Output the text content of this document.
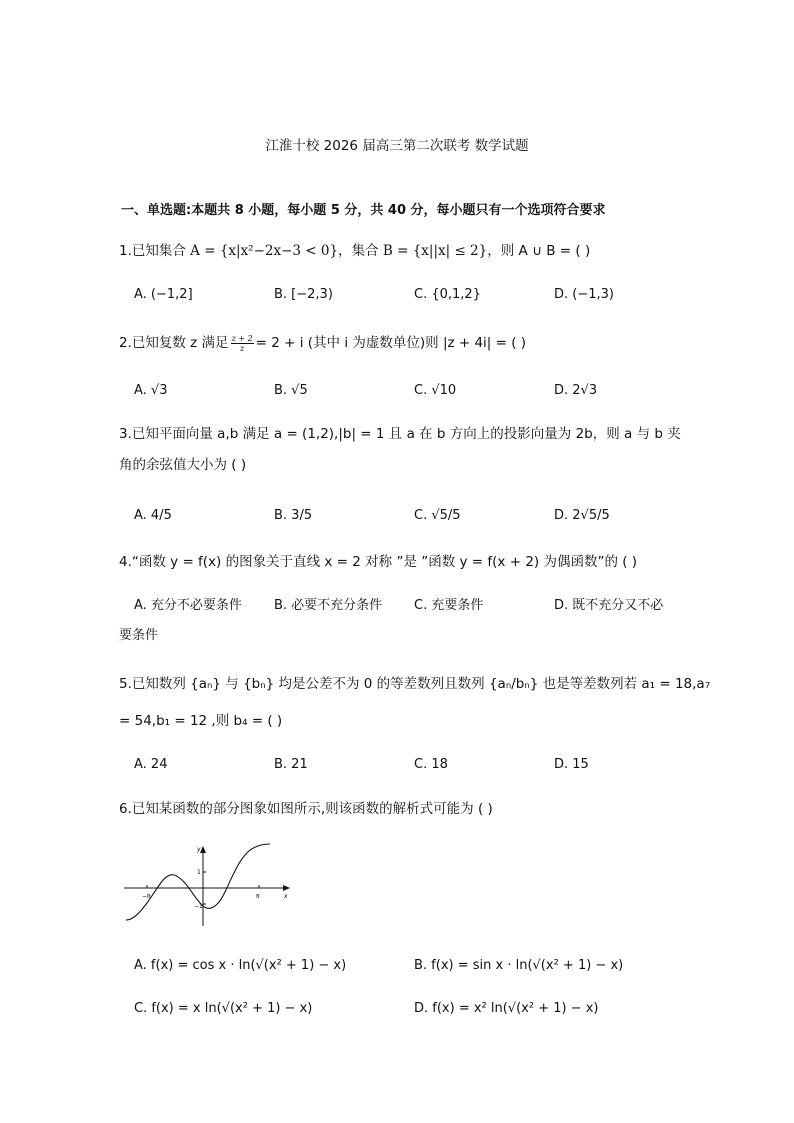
江淮十校 2026 届高三第二次联考 数学试题
一、单选题:本题共 8 小题，每小题 5 分，共 40 分，每小题只有一个选项符合要求
1.已知集合 A = {x|x²−2x−3 < 0}，集合 B = {x||x| ≤ 2}，则 A ∪ B = ( )
A. (−1,2]	B. [−2,3)	C. {0,1,2}	D. (−1,3)
2.已知复数 z 满足 $\frac{z + 2}{z} = 2 + i$ (其中 i 为虚数单位)则 |z + 4i| = ( )
A. √3	B. √5	C. √10	D. 2√3
3.已知平面向量 a,b 满足 a = (1,2),|b| = 1 且 a 在 b 方向上的投影向量为 2b，则 a 与 b 夹
角的余弦值大小为 ( )
A. 4/5	B. 3/5	C. √5/5	D. 2√5/5
4.“函数 y = f(x) 的图象关于直线 x = 2 对称 ”是 ”函数 y = f(x + 2) 为偶函数”的 ( )
A. 充分不必要条件 B. 必要不充分条件 C. 充要条件	D. 既不充分又不必
要条件
5.已知数列 {aₙ} 与 {bₙ} 均是公差不为 0 的等差数列且数列 {aₙ/bₙ} 也是等差数列若 a₁ = 18,a₇
= 54,b₁ = 12 ,则 b₄ = ( )
A. 24	B. 21	C. 18	D. 15
6.已知某函数的部分图象如图所示,则该函数的解析式可能为 ( )
−π	π
1
−1
x
y
A. f(x) = cos x · ln(√(x² + 1) − x)	B. f(x) = sin x · ln(√(x² + 1) − x)
C. f(x) = x ln(√(x² + 1) − x)	D. f(x) = x² ln(√(x² + 1) − x)
